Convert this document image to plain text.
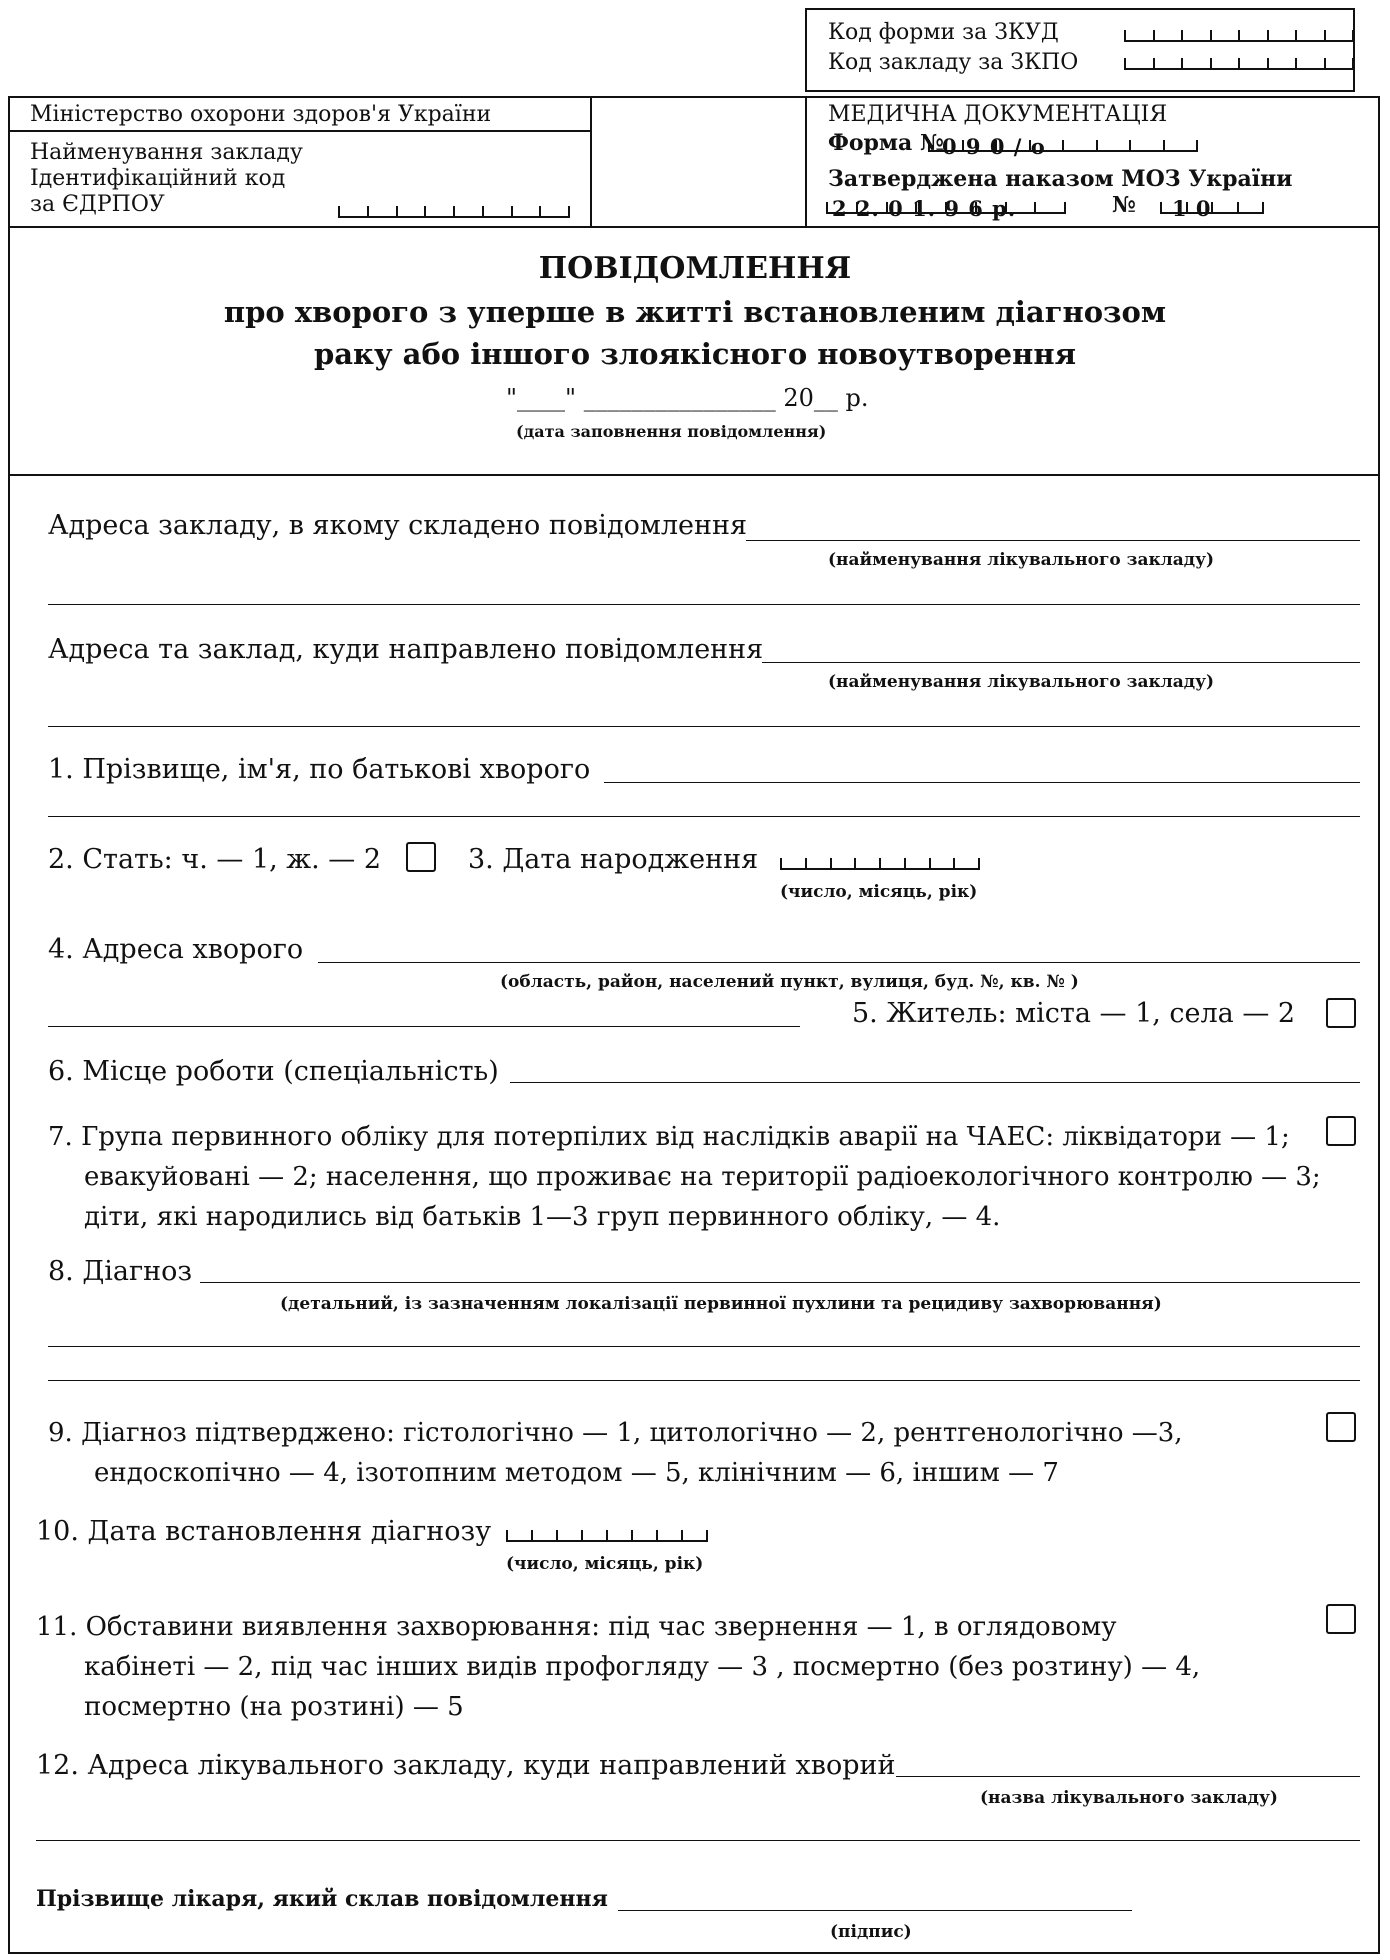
Код форми за ЗКУД
Код закладу за ЗКПО
Міністерство охорони здоров'я України
Найменування закладу
Ідентифікаційний код
за ЄДРПОУ
МЕДИЧНА ДОКУМЕНТАЦІЯ
Форма №
0 9 0 / о
Затверджена наказом МОЗ України
2 2. 0 1. 9 6 р.	№ 1 0
ПОВІДОМЛЕННЯ
про хворого з уперше в житті встановленим діагнозом
раку або іншого злоякісного новоутворення
"____" ________________ 20__ р.
(дата заповнення повідомлення)
Адреса закладу, в якому складено повідомлення
(найменування лікувального закладу)
Адреса та заклад, куди направлено повідомлення
(найменування лікувального закладу)
1. Прізвище, ім'я, по батькові хворого
2. Стать: ч. — 1, ж. — 2	3. Дата народження
(число, місяць, рік)
4. Адреса хворого
(область, район, населений пункт, вулиця, буд. №, кв. № )
5. Житель: міста — 1, села — 2
6. Місце роботи (спеціальність)
7. Група первинного обліку для потерпілих від наслідків аварії на ЧАЕС: ліквідатори — 1;
евакуйовані — 2; населення, що проживає на території радіоекологічного контролю — 3;
діти, які народились від батьків 1—3 груп первинного обліку, — 4.
8. Діагноз
(детальний, із зазначенням локалізації первинної пухлини та рецидиву захворювання)
9. Діагноз підтверджено: гістологічно — 1, цитологічно — 2, рентгенологічно —3,
ендоскопічно — 4, ізотопним методом — 5, клінічним — 6, іншим — 7
10. Дата встановлення діагнозу
(число, місяць, рік)
11. Обставини виявлення захворювання: під час звернення — 1, в оглядовому
кабінеті — 2, під час інших видів профогляду — 3 , посмертно (без розтину) — 4,
посмертно (на розтині) — 5
12. Адреса лікувального закладу, куди направлений хворий
(назва лікувального закладу)
Прізвище лікаря, який склав повідомлення
(підпис)
